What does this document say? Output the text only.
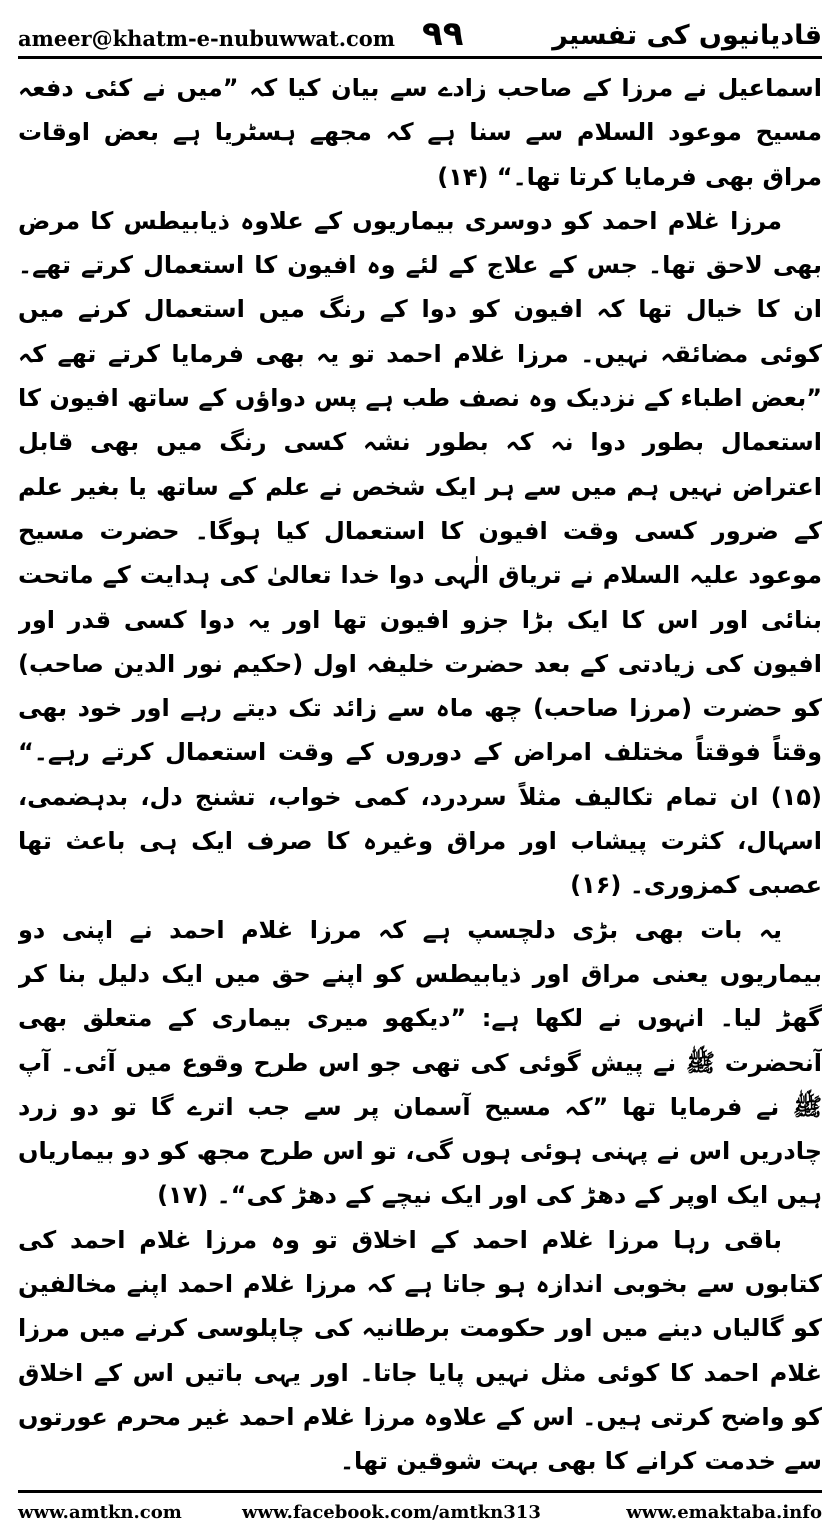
ameer@khatm-e-nubuwwat.com ۹۹	قادیانیوں کی تفسیر

اسماعیل نے مرزا کے صاحب زادے سے بیان کیا کہ ”میں نے کئی دفعہ مسیح موعود السلام سے سنا ہے کہ مجھے ہسٹریا ہے بعض اوقات مراق بھی فرمایا کرتا تھا۔“ (۱۴)

مرزا غلام احمد کو دوسری بیماریوں کے علاوہ ذیابیطس کا مرض بھی لاحق تھا۔ جس کے علاج کے لئے وہ افیون کا استعمال کرتے تھے۔ ان کا خیال تھا کہ افیون کو دوا کے رنگ میں استعمال کرنے میں کوئی مضائقہ نہیں۔ مرزا غلام احمد تو یہ بھی فرمایا کرتے تھے کہ ”بعض اطباء کے نزدیک وہ نصف طب ہے پس دواؤں کے ساتھ افیون کا استعمال بطور دوا نہ کہ بطور نشہ کسی رنگ میں بھی قابل اعتراض نہیں ہم میں سے ہر ایک شخص نے علم کے ساتھ یا بغیر علم کے ضرور کسی وقت افیون کا استعمال کیا ہوگا۔ حضرت مسیح موعود علیہ السلام نے تریاق الٰہی دوا خدا تعالیٰ کی ہدایت کے ماتحت بنائی اور اس کا ایک بڑا جزو افیون تھا اور یہ دوا کسی قدر اور افیون کی زیادتی کے بعد حضرت خلیفہ اول (حکیم نور الدین صاحب) کو حضرت (مرزا صاحب) چھ ماہ سے زائد تک دیتے رہے اور خود بھی وقتاً فوقتاً مختلف امراض کے دوروں کے وقت استعمال کرتے رہے۔“ (۱۵) ان تمام تکالیف مثلاً سردرد، کمی خواب، تشنج دل، بدہضمی، اسہال، کثرت پیشاب اور مراق وغیرہ کا صرف ایک ہی باعث تھا عصبی کمزوری۔ (۱۶)

یہ بات بھی بڑی دلچسپ ہے کہ مرزا غلام احمد نے اپنی دو بیماریوں یعنی مراق اور ذیابیطس کو اپنے حق میں ایک دلیل بنا کر گھڑ لیا۔ انہوں نے لکھا ہے: ”دیکھو میری بیماری کے متعلق بھی آنحضرت ﷺ نے پیش گوئی کی تھی جو اس طرح وقوع میں آئی۔ آپ ﷺ نے فرمایا تھا ”کہ مسیح آسمان پر سے جب اترے گا تو دو زرد چادریں اس نے پہنی ہوئی ہوں گی، تو اس طرح مجھ کو دو بیماریاں ہیں ایک اوپر کے دھڑ کی اور ایک نیچے کے دھڑ کی“۔ (۱۷)

باقی رہا مرزا غلام احمد کے اخلاق تو وہ مرزا غلام احمد کی کتابوں سے بخوبی اندازہ ہو جاتا ہے کہ مرزا غلام احمد اپنے مخالفین کو گالیاں دینے میں اور حکومت برطانیہ کی چاپلوسی کرنے میں مرزا غلام احمد کا کوئی مثل نہیں پایا جاتا۔ اور یہی باتیں اس کے اخلاق کو واضح کرتی ہیں۔ اس کے علاوہ مرزا غلام احمد غیر محرم عورتوں سے خدمت کرانے کا بھی بہت شوقین تھا۔

www.amtkn.com	www.facebook.com/amtkn313	www.emaktaba.info
